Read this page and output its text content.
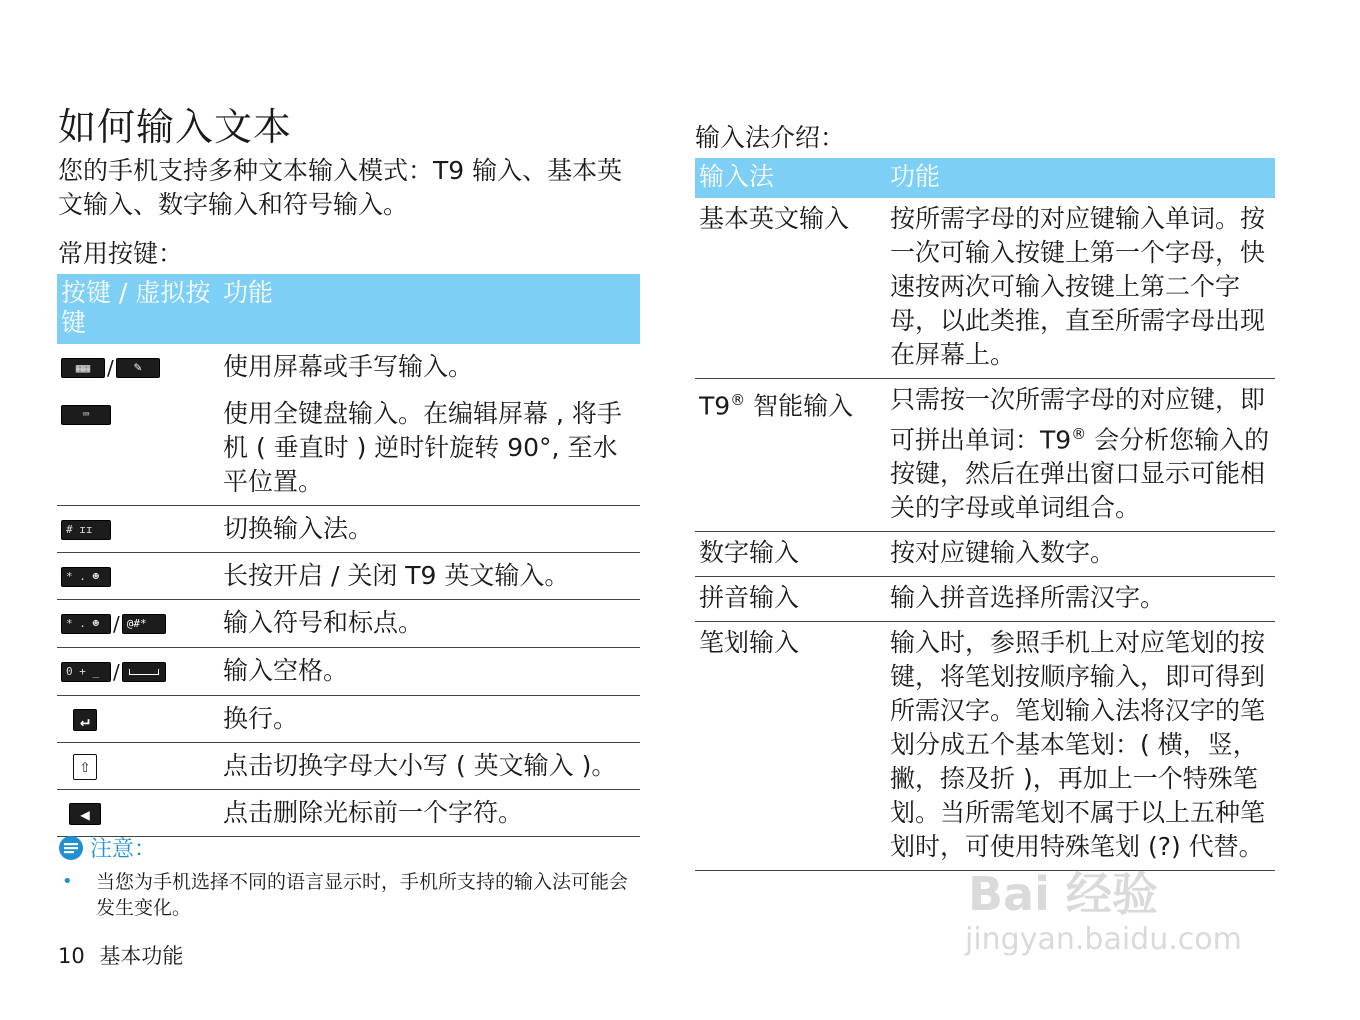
如何输入文本
您的手机支持多种文本输入模式：T9 输入、基本英文输入、数字输入和符号输入。
常用按键：
按键 / 虚拟按键	功能
▦▦ / ✎	使用屏幕或手写输入。
⌨	使用全键盘输入。在编辑屏幕 , 将手机 ( 垂直时 ) 逆时针旋转 90°, 至水平位置。
# ɪɪ	切换输入法。
* . ☻	长按开启 / 关闭 T9 英文输入。
* . ☻ / @#*	输入符号和标点。
0 + _ /	输入空格。
↵	换行。
⇧	点击切换字母大小写 ( 英文输入 )。
◀	点击删除光标前一个字符。
注意：
•	当您为手机选择不同的语言显示时，手机所支持的输入法可能会发生变化。
10 基本功能
输入法介绍：
输入法	功能
基本英文输入	按所需字母的对应键输入单词。按一次可输入按键上第一个字母，快速按两次可输入按键上第二个字母，以此类推，直至所需字母出现在屏幕上。
T9® 智能输入	只需按一次所需字母的对应键，即可拼出单词：T9® 会分析您输入的按键，然后在弹出窗口显示可能相关的字母或单词组合。
数字输入	按对应键输入数字。
拼音输入	输入拼音选择所需汉字。
笔划输入	输入时，参照手机上对应笔划的按键，将笔划按顺序输入，即可得到所需汉字。笔划输入法将汉字的笔划分成五个基本笔划：( 横，竖，撇，捺及折 )，再加上一个特殊笔划。当所需笔划不属于以上五种笔划时，可使用特殊笔划 (?) 代替。
Bai 经验
jingyan.baidu.com
